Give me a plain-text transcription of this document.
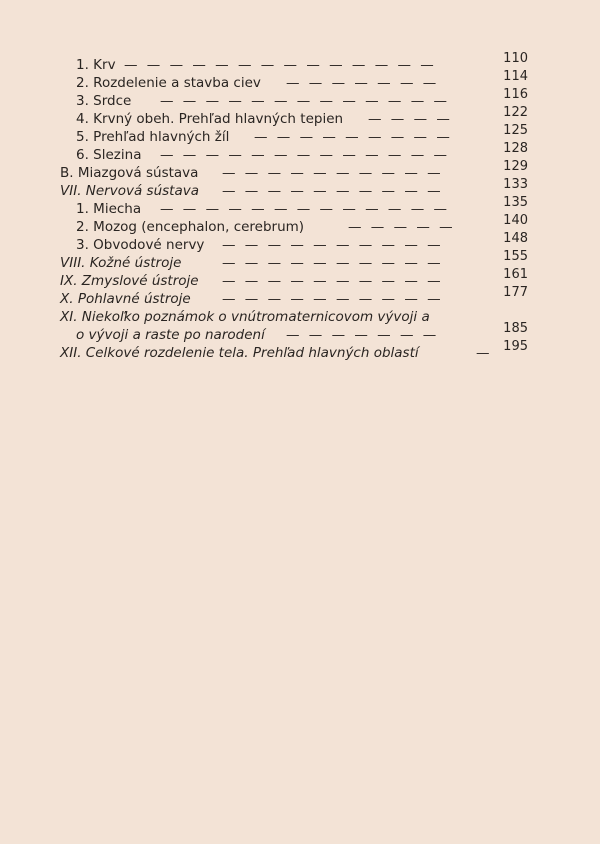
1. Krv — — — — — — — — — — — — — —	110
2. Rozdelenie a stavba ciev — — — — — — —	114
3. Srdce — — — — — — — — — — — — —	116
4. Krvný obeh. Prehľad hlavných tepien — — — —	122
5. Prehľad hlavných žíl — — — — — — — — —	125
6. Slezina — — — — — — — — — — — — —	128
B. Miazgová sústava — — — — — — — — — —	129
VII. Nervová sústava — — — — — — — — — —	133
1. Miecha — — — — — — — — — — — — —	135
2. Mozog (encephalon, cerebrum)	— — — — —	140
3. Obvodové nervy — — — — — — — — — —	148
VIII. Kožné ústroje	— — — — — — — — — —	155
IX. Zmyslové ústroje — — — — — — — — — —	161
X. Pohlavné ústroje — — — — — — — — — —	177
XI. Niekoľko poznámok o vnútromaternicovom vývoji a
o vývoji a raste po narodení — — — — — — —	185
XII. Celkové rozdelenie tela. Prehľad hlavných oblastí	— 195
